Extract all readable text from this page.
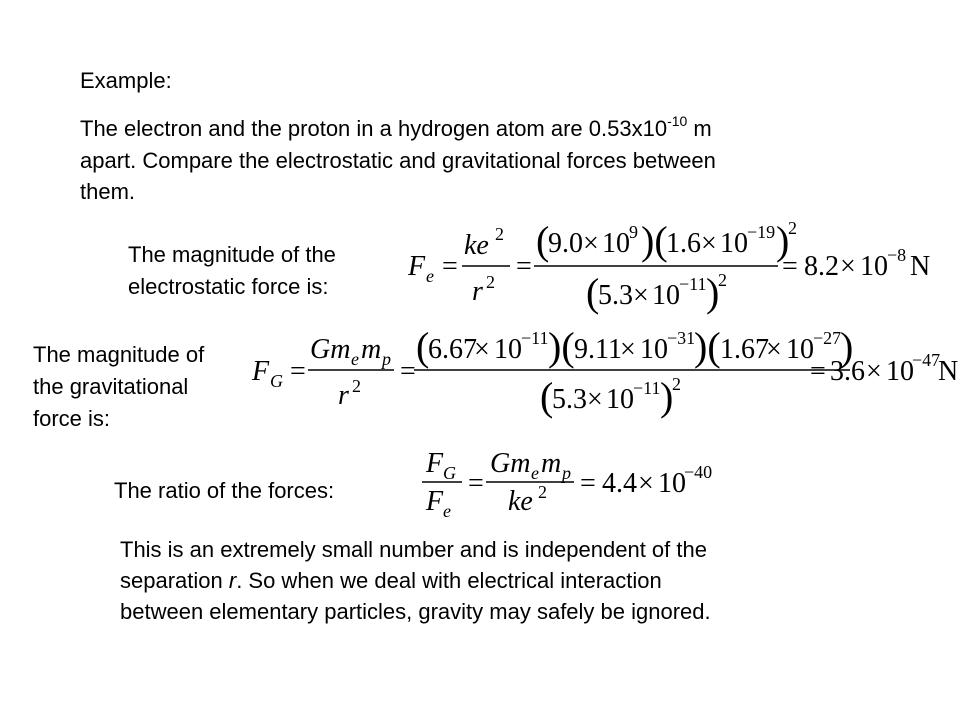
Example:
The electron and the proton in a hydrogen atom are $0.53x10^{-10}$ m
apart. Compare the electrostatic and gravitational forces between
them.
The magnitude of the
electrostatic force is:
F e =
ke 2
r 2 =
(
9.0 × 10 9 )(
1.6 × 10 −19 )
2
(
5.3 × 10 −11 )
2 = 8.2 × 10 −8 N
The magnitude of
the gravitational
force is:
F G =
Gm e m p
r 2 =
(
6.67
× 10 −11 )( 9.11
× 10 −31
)( 1.67
× 10 −27
)
(
5.3 × 10 −11 )
2	= 3.6 × 10
−47
N
The ratio of the forces:
F G
F e
=
Gm e m p
ke 2 = 4.4 × 10
−40
This is an extremely small number and is independent of the
separation r. So when we deal with electrical interaction
between elementary particles, gravity may safely be ignored.
